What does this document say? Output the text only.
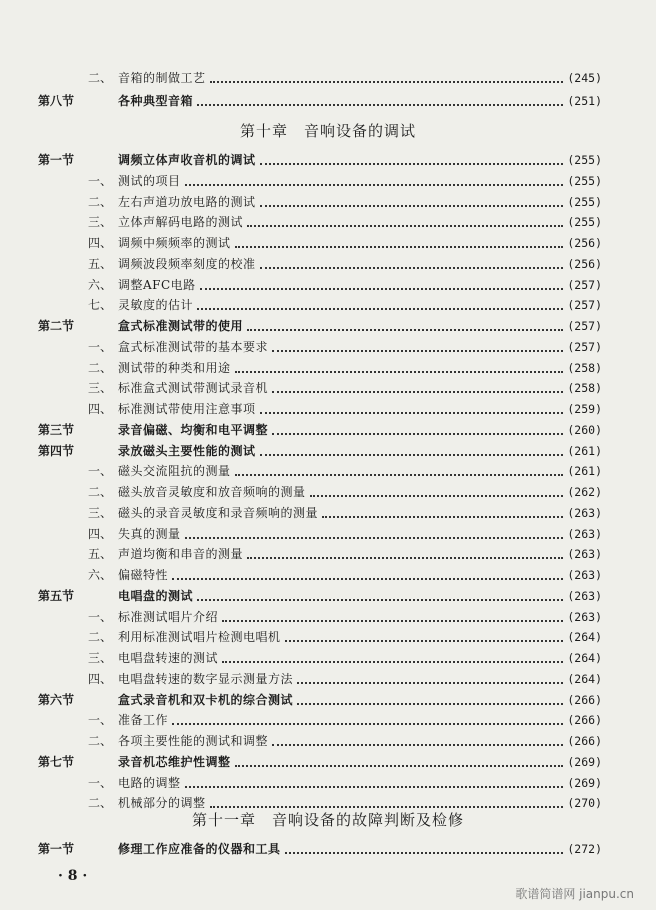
二、 音箱的制做工艺	(245)
第八节	各种典型音箱	(251)
第十章　音响设备的调试
第一节	调频立体声收音机的调试	(255)
一、 测试的项目	(255)
二、 左右声道功放电路的测试	(255)
三、 立体声解码电路的测试	(255)
四、 调频中频频率的测试	(256)
五、 调频波段频率刻度的校准	(256)
六、 调整AFC电路	(257)
七、 灵敏度的估计	(257)
第二节	盒式标准测试带的使用	(257)
一、 盒式标准测试带的基本要求	(257)
二、 测试带的种类和用途	(258)
三、 标准盒式测试带测试录音机	(258)
四、 标准测试带使用注意事项	(259)
第三节	录音偏磁、均衡和电平调整	(260)
第四节	录放磁头主要性能的测试	(261)
一、 磁头交流阻抗的测量	(261)
二、 磁头放音灵敏度和放音频响的测量	(262)
三、 磁头的录音灵敏度和录音频响的测量	(263)
四、 失真的测量	(263)
五、 声道均衡和串音的测量	(263)
六、 偏磁特性	(263)
第五节	电唱盘的测试	(263)
一、 标准测试唱片介绍	(263)
二、 利用标准测试唱片检测电唱机	(264)
三、 电唱盘转速的测试	(264)
四、 电唱盘转速的数字显示测量方法	(264)
第六节	盒式录音机和双卡机的综合测试	(266)
一、 准备工作	(266)
二、 各项主要性能的测试和调整	(266)
第七节	录音机芯维护性调整	(269)
一、 电路的调整	(269)
二、 机械部分的调整	(270)
第十一章　音响设备的故障判断及检修
第一节	修理工作应准备的仪器和工具	(272)
· 8 ·
歌谱简谱网 jianpu.cn
